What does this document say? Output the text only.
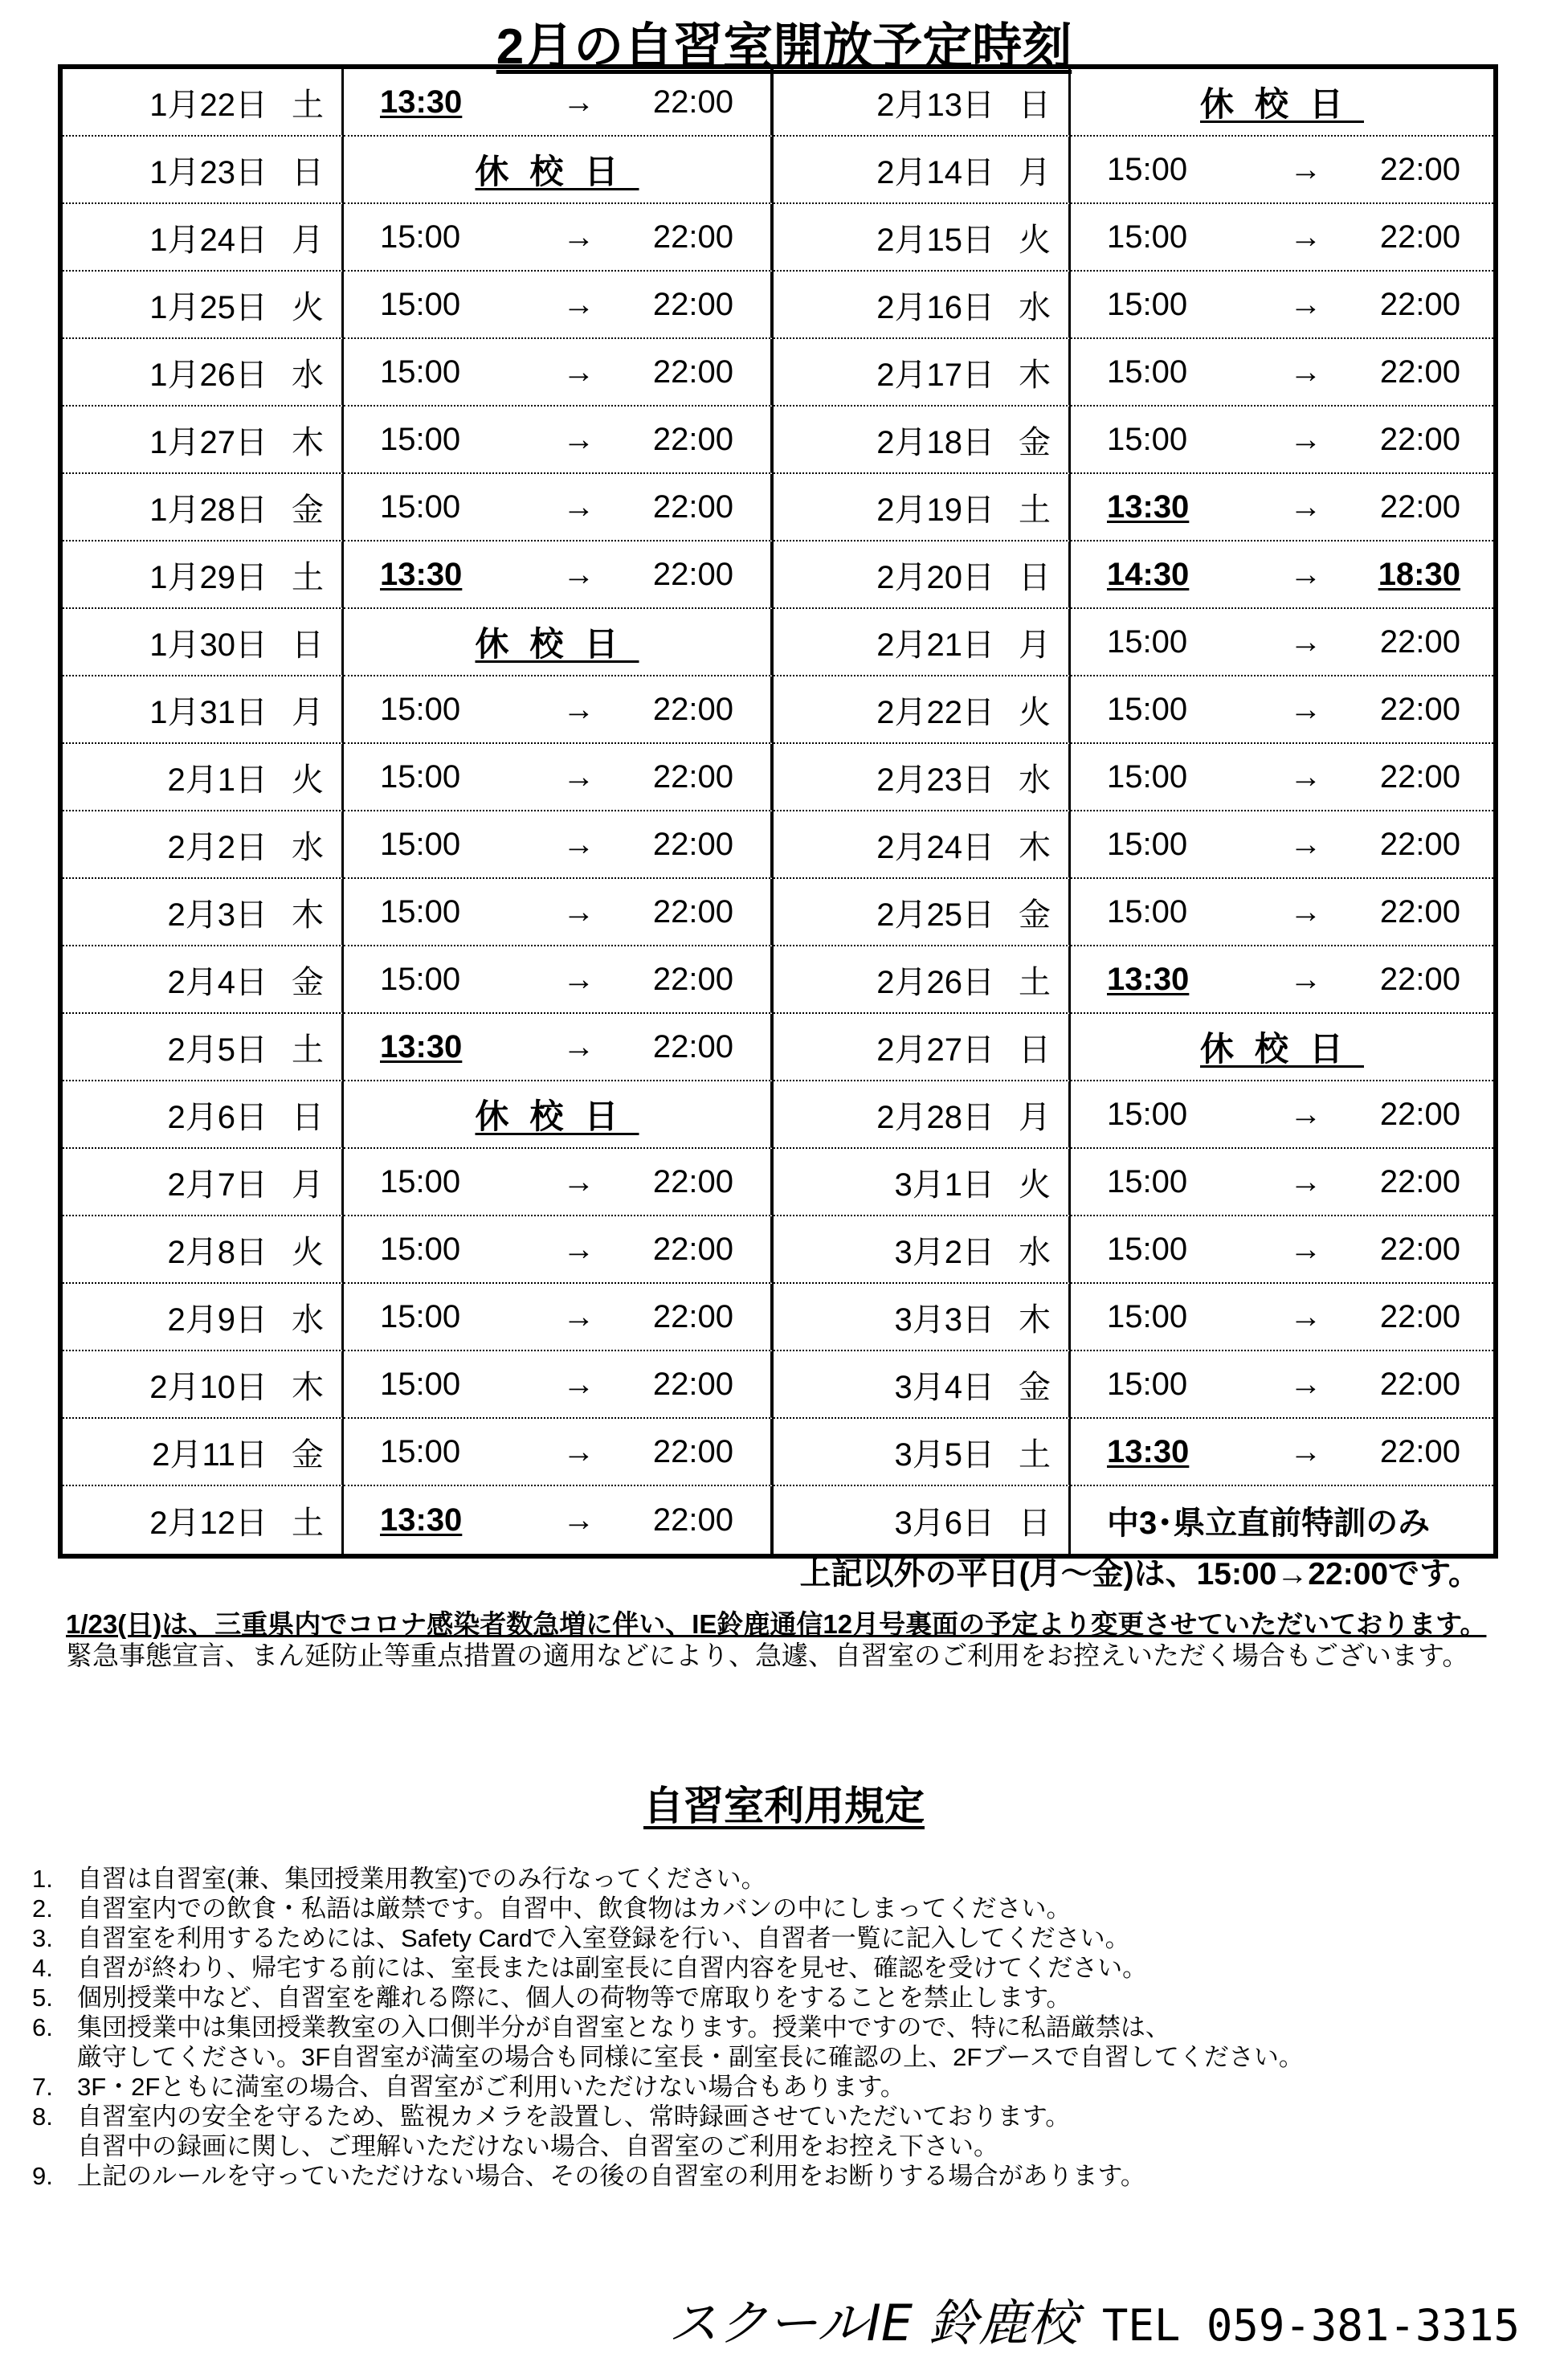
2月の自習室開放予定時刻
1月22日 土 13:30	→	22:00	2月13日 日	休校日
1月23日 日	休校日	2月14日 月 15:00	→	22:00
1月24日 月 15:00	→	22:00	2月15日 火 15:00	→	22:00
1月25日 火 15:00	→	22:00	2月16日 水 15:00	→	22:00
1月26日 水 15:00	→	22:00	2月17日 木 15:00	→	22:00
1月27日 木 15:00	→	22:00	2月18日 金 15:00	→	22:00
1月28日 金 15:00	→	22:00	2月19日 土 13:30	→	22:00
1月29日 土 13:30	→	22:00	2月20日 日 14:30	→	18:30
1月30日 日	休校日	2月21日 月 15:00	→	22:00
1月31日 月 15:00	→	22:00	2月22日 火 15:00	→	22:00
2月1日 火 15:00	→	22:00	2月23日 水 15:00	→	22:00
2月2日 水 15:00	→	22:00	2月24日 木 15:00	→	22:00
2月3日 木 15:00	→	22:00	2月25日 金 15:00	→	22:00
2月4日 金 15:00	→	22:00	2月26日 土 13:30	→	22:00
2月5日 土 13:30	→	22:00	2月27日 日	休校日
2月6日 日	休校日	2月28日 月 15:00	→	22:00
2月7日 月 15:00	→	22:00	3月1日 火 15:00	→	22:00
2月8日 火 15:00	→	22:00	3月2日 水 15:00	→	22:00
2月9日 水 15:00	→	22:00	3月3日 木 15:00	→	22:00
2月10日 木 15:00	→	22:00	3月4日 金 15:00	→	22:00
2月11日 金 15:00	→	22:00	3月5日 土 13:30	→	22:00
2月12日 土 13:30	→	22:00	3月6日 日	中3･県立直前特訓のみ
上記以外の平日(月～金)は、15:00→22:00です。
1/23(日)は、三重県内でコロナ感染者数急増に伴い、IE鈴鹿通信12月号裏面の予定より変更させていただいております。
緊急事態宣言、まん延防止等重点措置の適用などにより、急遽、自習室のご利用をお控えいただく場合もございます。
自習室利用規定
1. 自習は自習室(兼、集団授業用教室)でのみ行なってください。
2. 自習室内での飲食・私語は厳禁です。自習中、飲食物はカバンの中にしまってください。
3. 自習室を利用するためには、Safety Cardで入室登録を行い、自習者一覧に記入してください。
4. 自習が終わり、帰宅する前には、室長または副室長に自習内容を見せ、確認を受けてください。
5. 個別授業中など、自習室を離れる際に、個人の荷物等で席取りをすることを禁止します。
6. 集団授業中は集団授業教室の入口側半分が自習室となります。授業中ですので、特に私語厳禁は、
厳守してください。3F自習室が満室の場合も同様に室長・副室長に確認の上、2Fブースで自習してください。
7. 3F・2Fともに満室の場合、自習室がご利用いただけない場合もあります。
8. 自習室内の安全を守るため、監視カメラを設置し、常時録画させていただいております。
自習中の録画に関し、ご理解いただけない場合、自習室のご利用をお控え下さい。
9. 上記のルールを守っていただけない場合、その後の自習室の利用をお断りする場合があります。
スクールIE 鈴鹿校 TEL 059-381-3315
